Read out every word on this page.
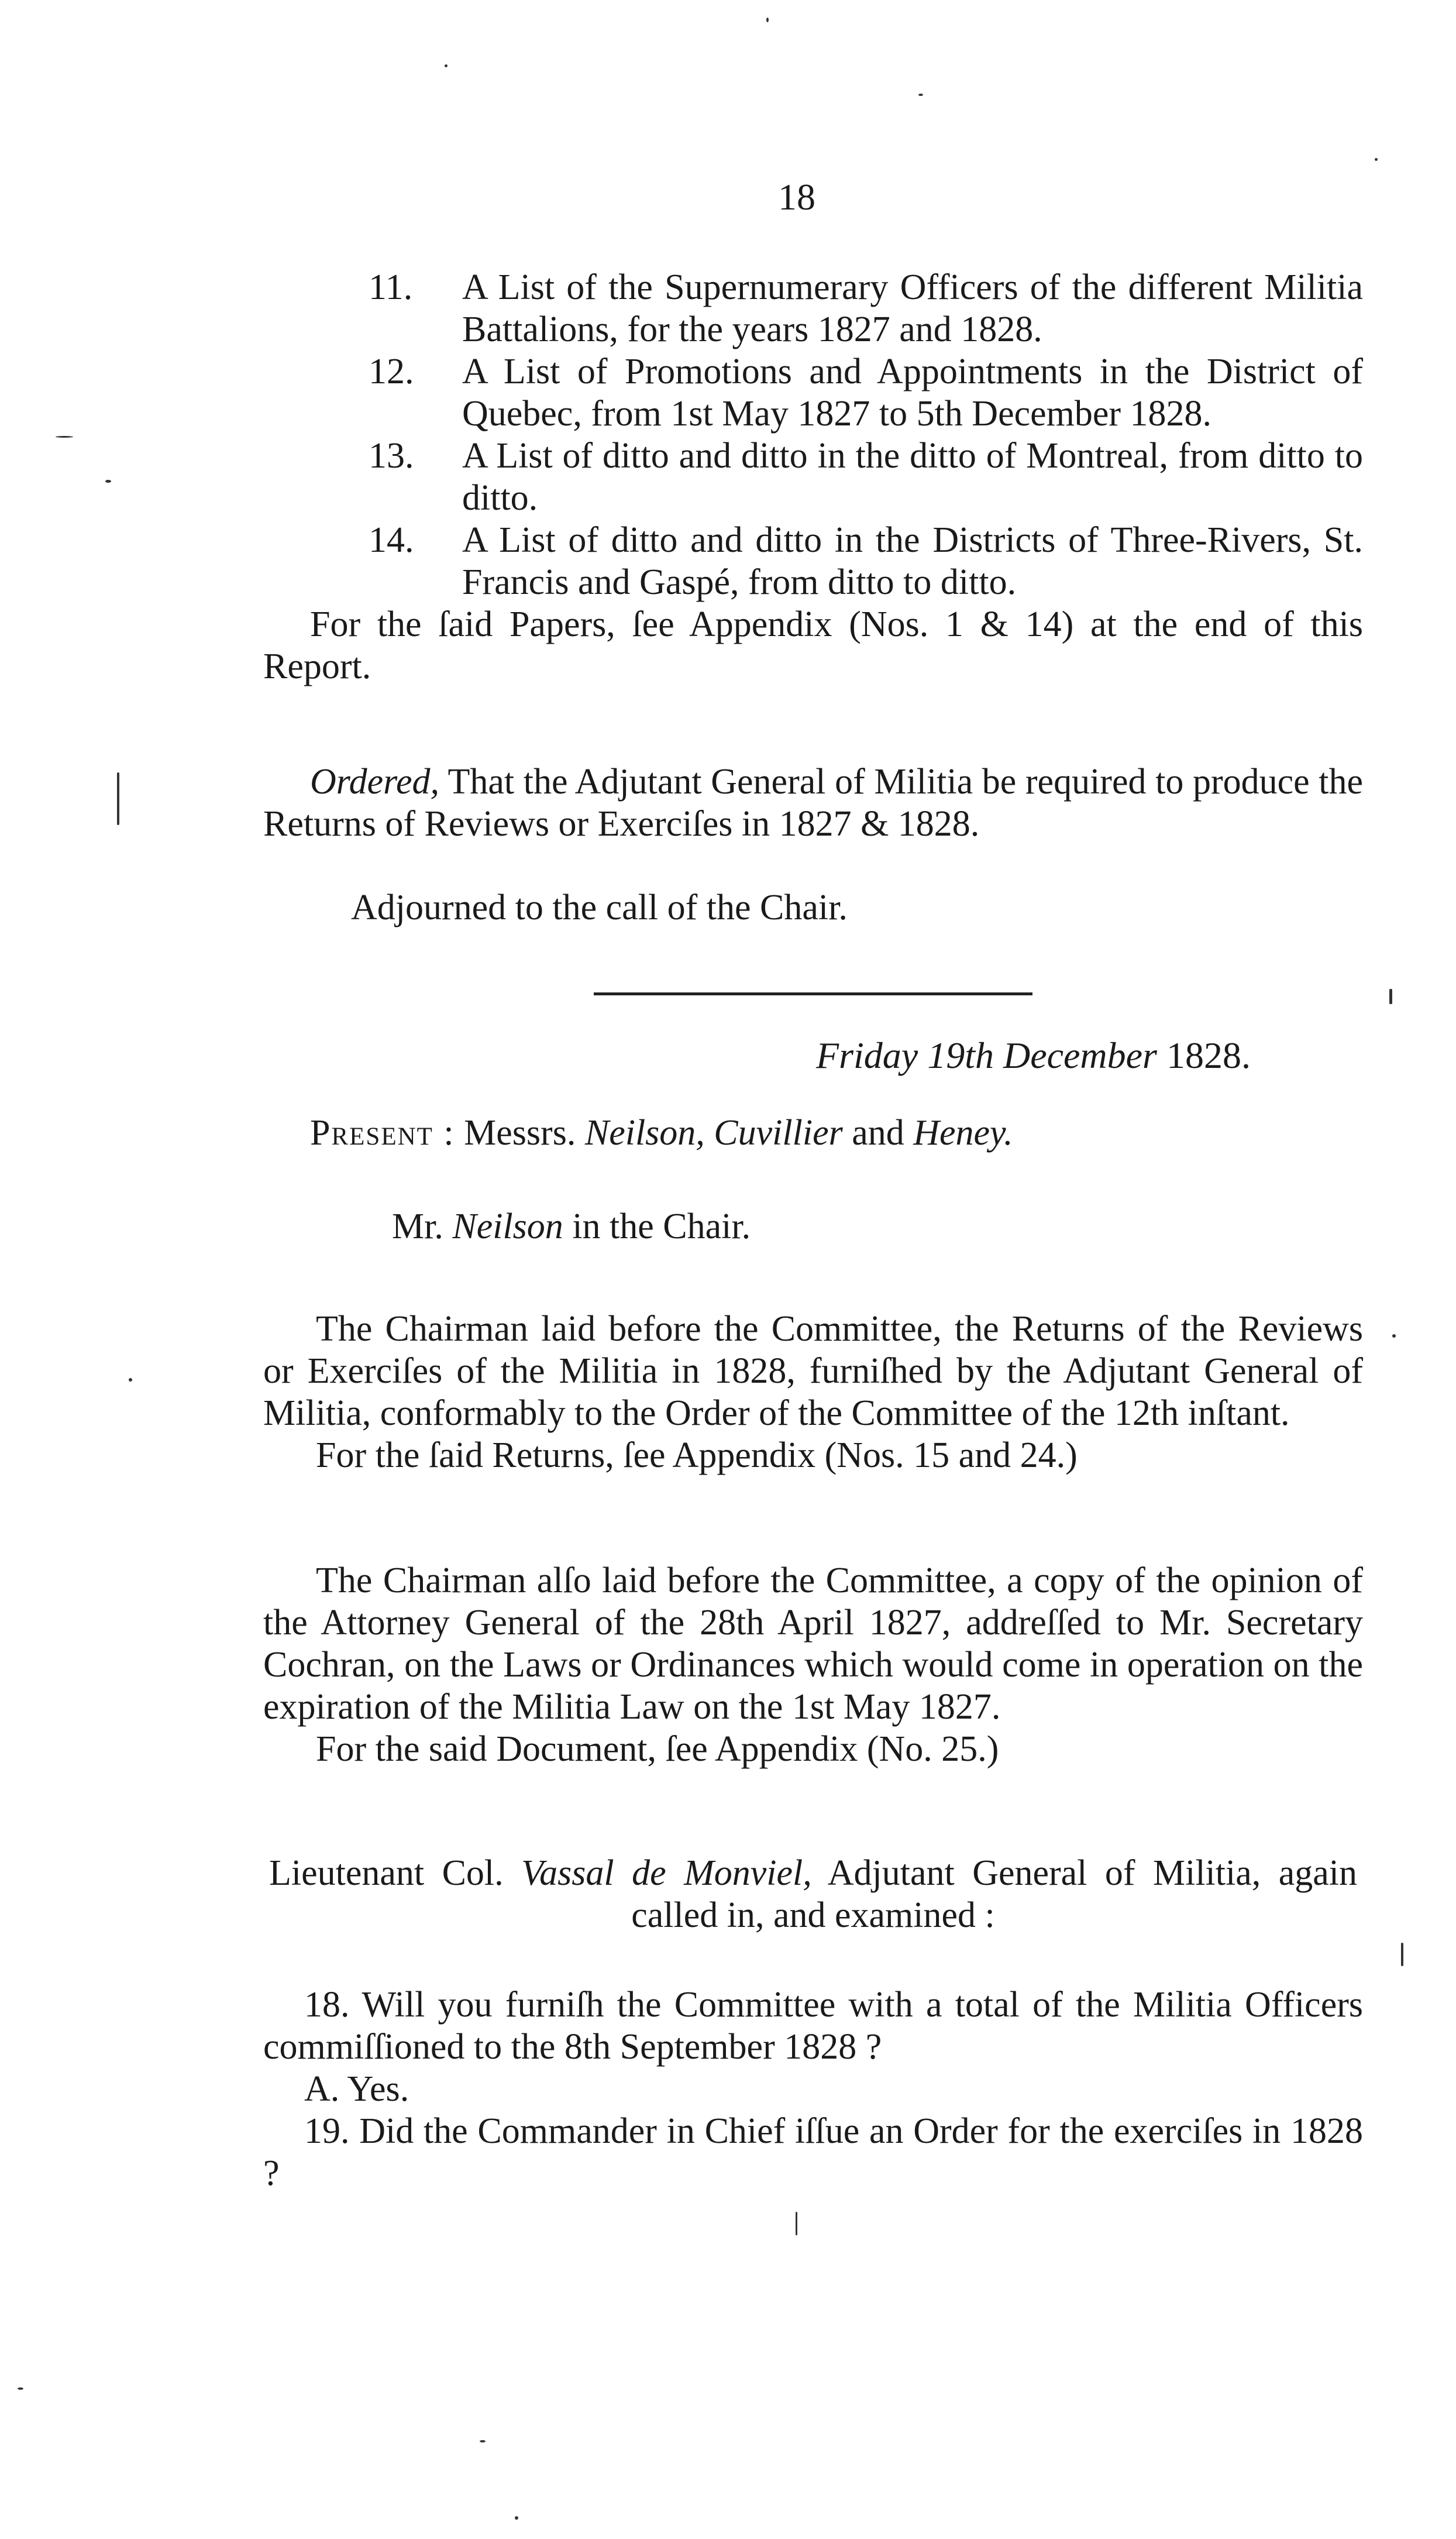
18
11.	A List of the Supernumerary Officers of the different Militia Battalions, for the years 1827 and 1828.
12.	A List of Promotions and Appointments in the District of Quebec, from 1st May 1827 to 5th December 1828.
13.	A List of ditto and ditto in the ditto of Montreal, from ditto to ditto.
14.	A List of ditto and ditto in the Districts of Three-Rivers, St. Francis and Gaspé, from ditto to ditto.
For the ſaid Papers, ſee Appendix (Nos. 1 & 14) at the end of this Report.
Ordered, That the Adjutant General of Militia be required to produce the Returns of Reviews or Exerciſes in 1827 & 1828.
Adjourned to the call of the Chair.
Friday 19th December 1828.
Present : Messrs. Neilson, Cuvillier and Heney.
Mr. Neilson in the Chair.
The Chairman laid before the Committee, the Returns of the Reviews or Exerciſes of the Militia in 1828, furniſhed by the Adjutant General of Militia, conformably to the Order of the Committee of the 12th inſtant.
For the ſaid Returns, ſee Appendix (Nos. 15 and 24.)
The Chairman alſo laid before the Committee, a copy of the opinion of the Attorney General of the 28th April 1827, addreſſed to Mr. Secretary Cochran, on the Laws or Ordinances which would come in operation on the expiration of the Militia Law on the 1st May 1827.
For the said Document, ſee Appendix (No. 25.)
Lieutenant Col. Vassal de Monviel, Adjutant General of Militia, again called in, and examined :
18. Will you furniſh the Committee with a total of the Militia Officers commiſſioned to the 8th September 1828 ?
A. Yes.
19. Did the Commander in Chief iſſue an Order for the exerciſes in 1828 ?
